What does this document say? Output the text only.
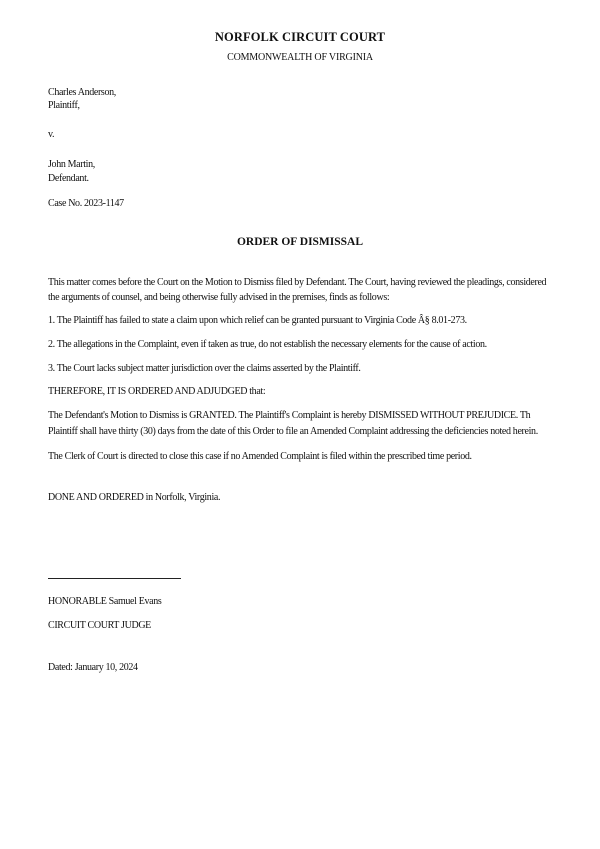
NORFOLK CIRCUIT COURT
COMMONWEALTH OF VIRGINIA
Charles Anderson,
Plaintiff,
v.
John Martin,
Defendant.
Case No. 2023-1147
ORDER OF DISMISSAL

This matter comes before the Court on the Motion to Dismiss filed by Defendant. The Court, having reviewed the pleadings, considered

the arguments of counsel, and being otherwise fully advised in the premises, finds as follows:

1. The Plaintiff has failed to state a claim upon which relief can be granted pursuant to Virginia Code Â§ 8.01-273.

2. The allegations in the Complaint, even if taken as true, do not establish the necessary elements for the cause of action.

3. The Court lacks subject matter jurisdiction over the claims asserted by the Plaintiff.

THEREFORE, IT IS ORDERED AND ADJUDGED that:

The Defendant's Motion to Dismiss is GRANTED. The Plaintiff's Complaint is hereby DISMISSED WITHOUT PREJUDICE. Th

Plaintiff shall have thirty (30) days from the date of this Order to file an Amended Complaint addressing the deficiencies noted herein.

The Clerk of Court is directed to close this case if no Amended Complaint is filed within the prescribed time period.

DONE AND ORDERED in Norfolk, Virginia.

HONORABLE Samuel Evans
CIRCUIT COURT JUDGE
Dated: January 10, 2024
